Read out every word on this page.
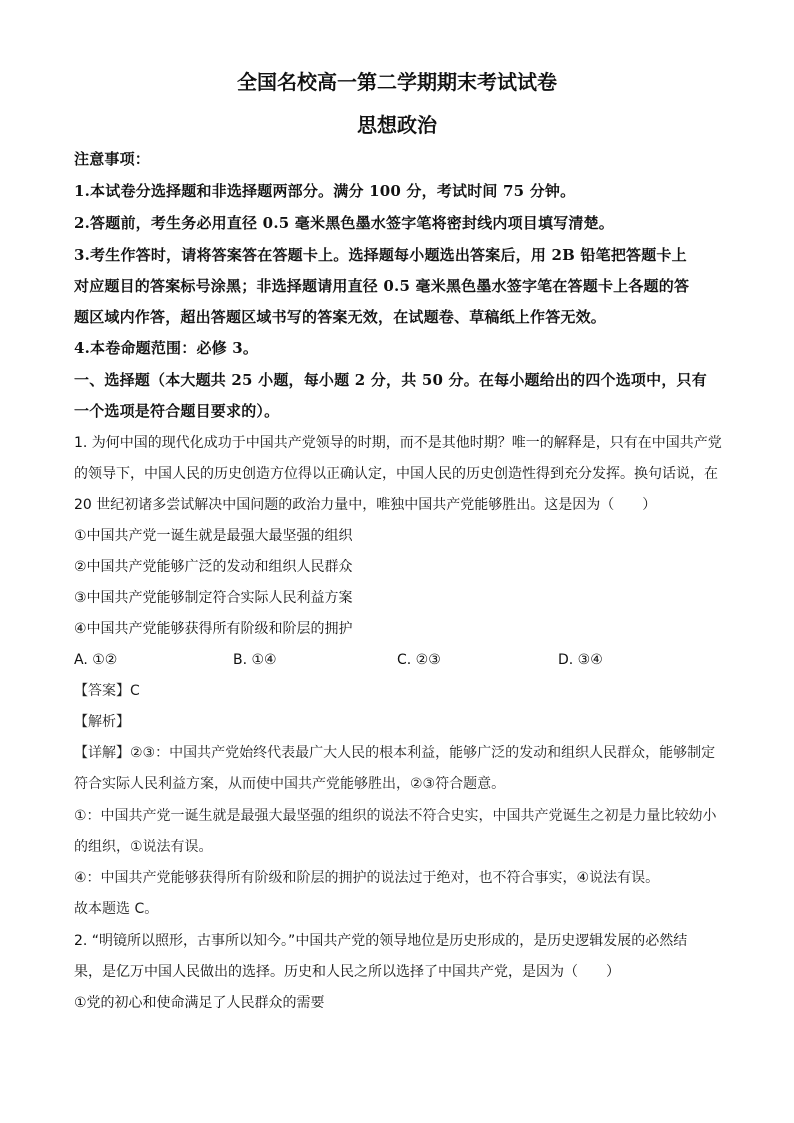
全国名校高一第二学期期末考试试卷
思想政治
注意事项：
1.本试卷分选择题和非选择题两部分。满分 100 分，考试时间 75 分钟。
2.答题前，考生务必用直径 0.5 毫米黑色墨水签字笔将密封线内项目填写清楚。
3.考生作答时，请将答案答在答题卡上。选择题每小题选出答案后，用 2B 铅笔把答题卡上
对应题目的答案标号涂黑；非选择题请用直径 0.5 毫米黑色墨水签字笔在答题卡上各题的答
题区域内作答，超出答题区域书写的答案无效，在试题卷、草稿纸上作答无效。
4.本卷命题范围：必修 3。
一、选择题（本大题共 25 小题，每小题 2 分，共 50 分。在每小题给出的四个选项中，只有
一个选项是符合题目要求的）。
1. 为何中国的现代化成功于中国共产党领导的时期，而不是其他时期？唯一的解释是，只有在中国共产党
的领导下，中国人民的历史创造方位得以正确认定，中国人民的历史创造性得到充分发挥。换句话说，在
20 世纪初诸多尝试解决中国问题的政治力量中，唯独中国共产党能够胜出。这是因为（　　）
①中国共产党一诞生就是最强大最坚强的组织
②中国共产党能够广泛的发动和组织人民群众
③中国共产党能够制定符合实际人民利益方案
④中国共产党能够获得所有阶级和阶层的拥护
A. ①②	B. ①④	C. ②③	D. ③④
【答案】C
【解析】
【详解】②③：中国共产党始终代表最广大人民的根本利益，能够广泛的发动和组织人民群众，能够制定
符合实际人民利益方案，从而使中国共产党能够胜出，②③符合题意。
①：中国共产党一诞生就是最强大最坚强的组织的说法不符合史实，中国共产党诞生之初是力量比较幼小
的组织，①说法有误。
④：中国共产党能够获得所有阶级和阶层的拥护的说法过于绝对，也不符合事实，④说法有误。
故本题选 C。
2. “明镜所以照形，古事所以知今。”中国共产党的领导地位是历史形成的，是历史逻辑发展的必然结
果，是亿万中国人民做出的选择。历史和人民之所以选择了中国共产党，是因为（　　）
①党的初心和使命满足了人民群众的需要
